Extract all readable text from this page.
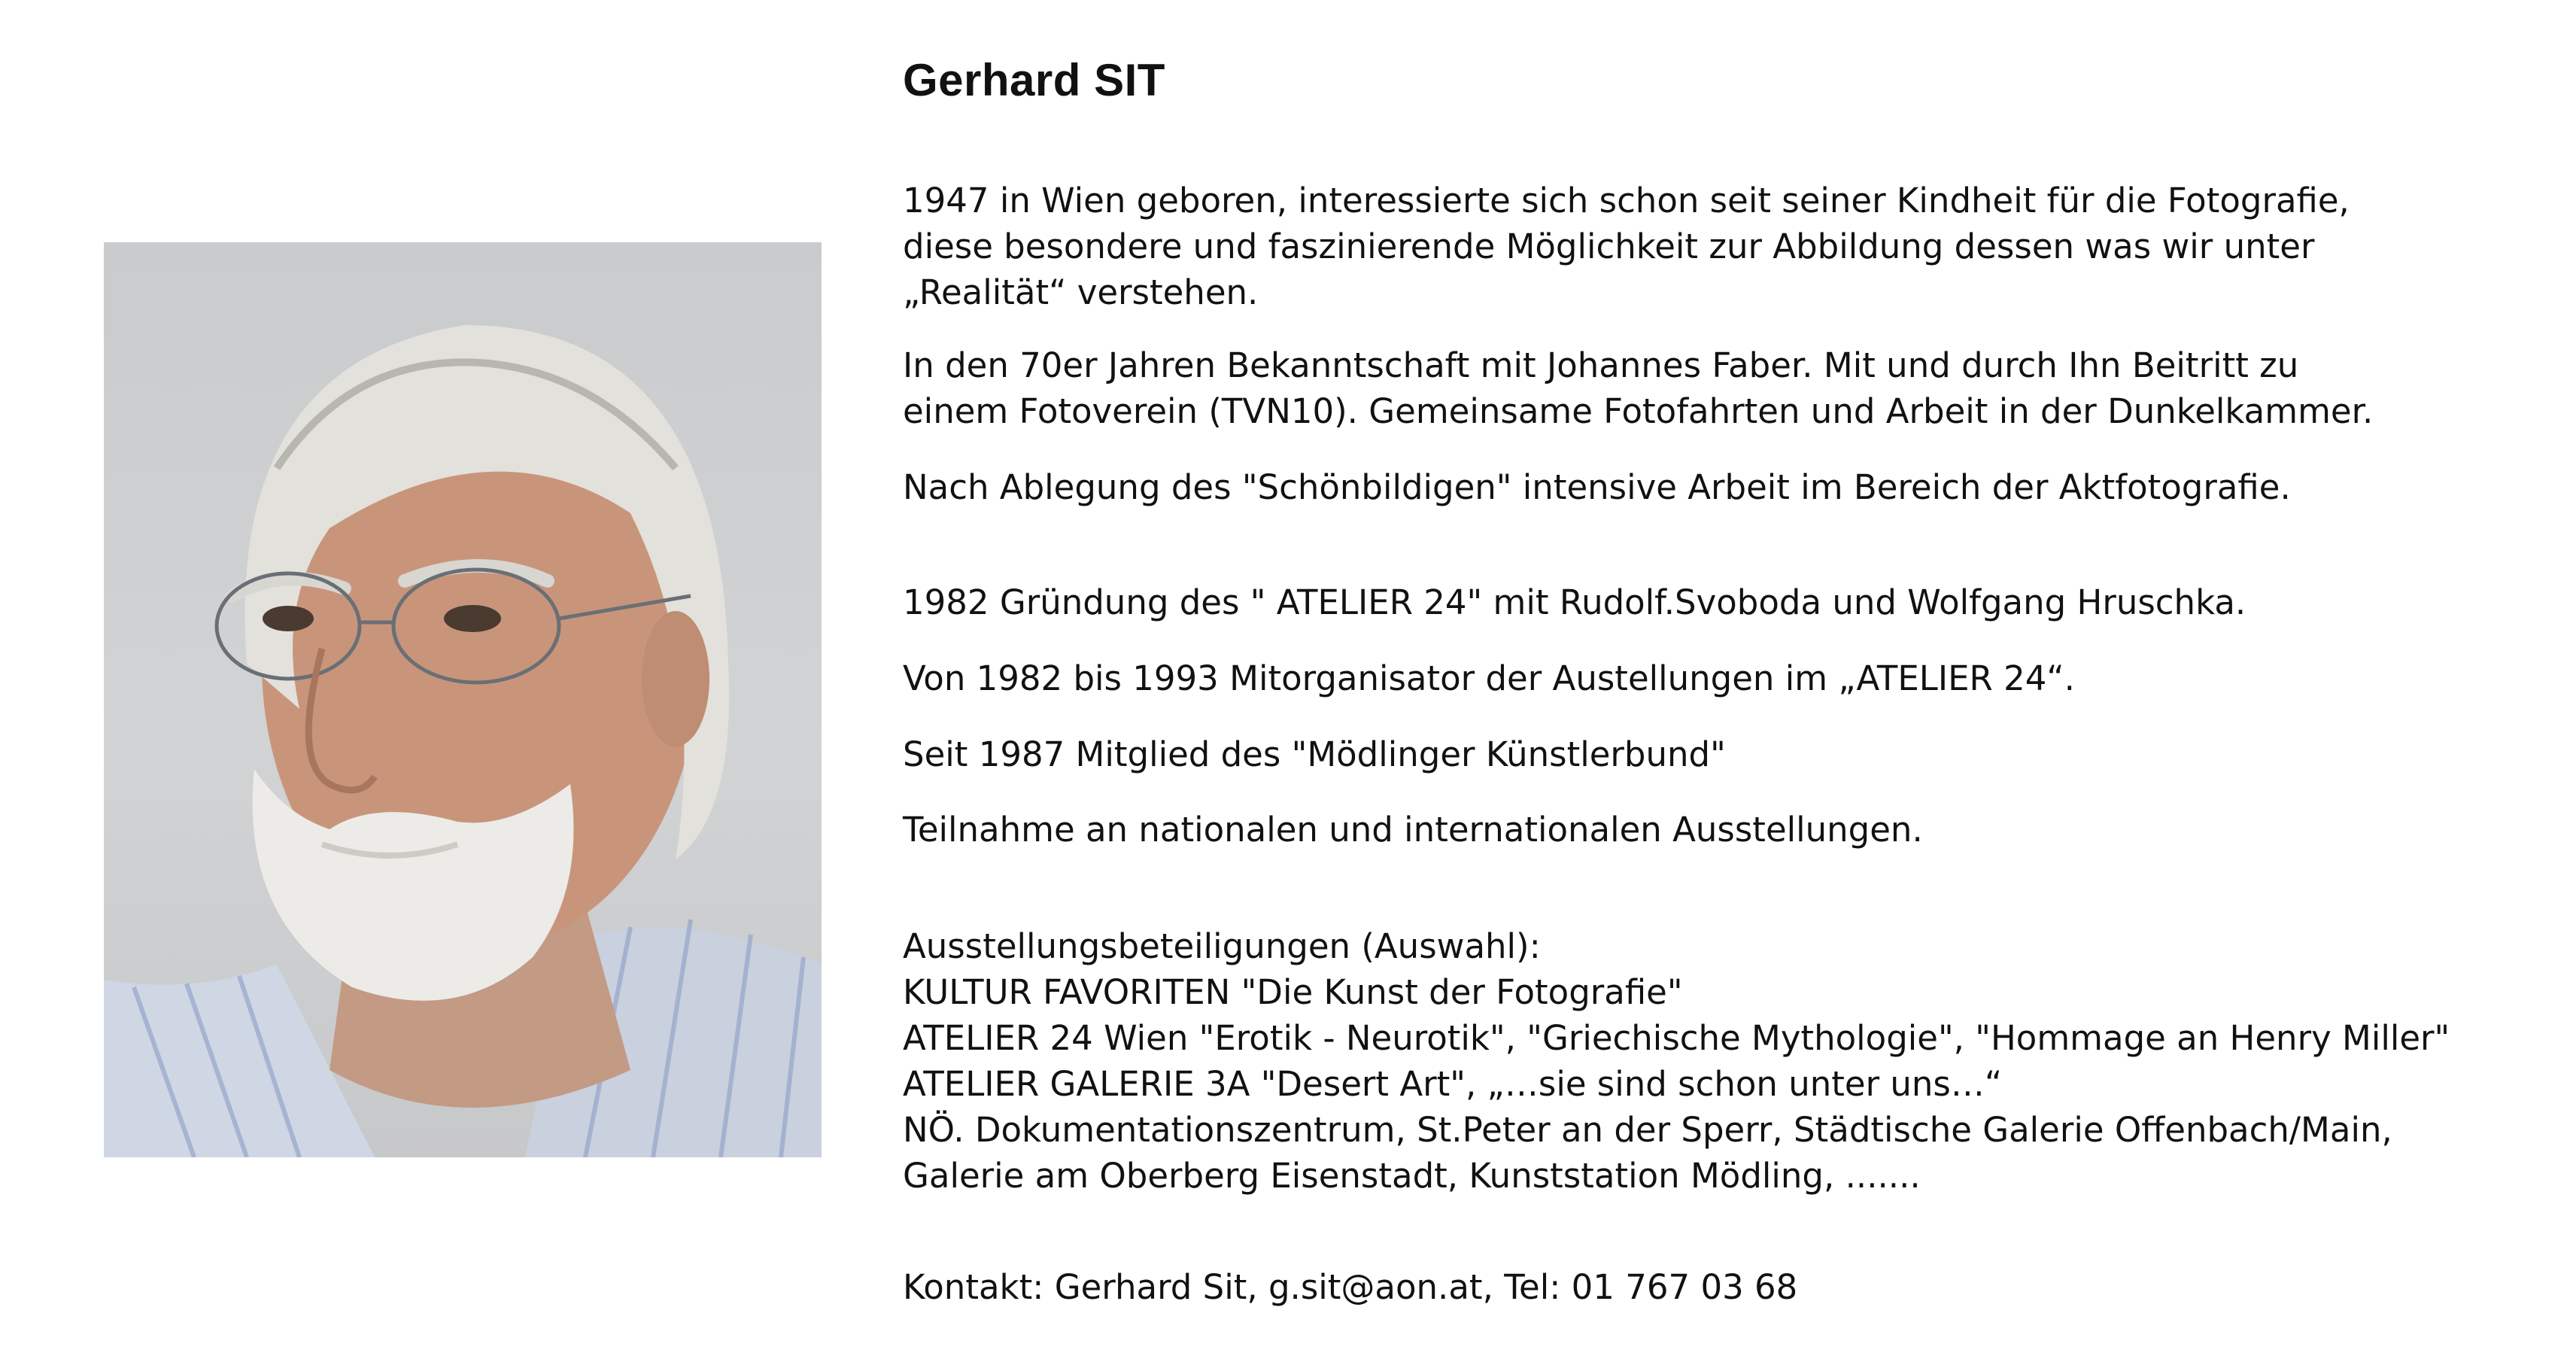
Gerhard SIT

1947 in Wien geboren, interessierte sich schon seit seiner Kindheit für die Fotografie,
diese besondere und faszinierende Möglichkeit zur Abbildung dessen was wir unter
„Realität“ verstehen.

In den 70er Jahren Bekanntschaft mit Johannes Faber. Mit und durch Ihn Beitritt zu
einem Fotoverein (TVN10). Gemeinsame Fotofahrten und Arbeit in der Dunkelkammer.

Nach Ablegung des "Schönbildigen" intensive Arbeit im Bereich der Aktfotografie.

1982 Gründung des " ATELIER 24" mit Rudolf.Svoboda und Wolfgang Hruschka.

Von 1982 bis 1993 Mitorganisator der Austellungen im „ATELIER 24“.

Seit 1987 Mitglied des "Mödlinger Künstlerbund"

Teilnahme an nationalen und internationalen Ausstellungen.

Ausstellungsbeteiligungen (Auswahl):
KULTUR FAVORITEN "Die Kunst der Fotografie"
ATELIER 24 Wien "Erotik - Neurotik", "Griechische Mythologie", "Hommage an Henry Miller"
ATELIER GALERIE 3A "Desert Art", „…sie sind schon unter uns…“
NÖ. Dokumentationszentrum, St.Peter an der Sperr, Städtische Galerie Offenbach/Main,
Galerie am Oberberg Eisenstadt, Kunststation Mödling, .......

Kontakt: Gerhard Sit, g.sit@aon.at, Tel: 01 767 03 68
